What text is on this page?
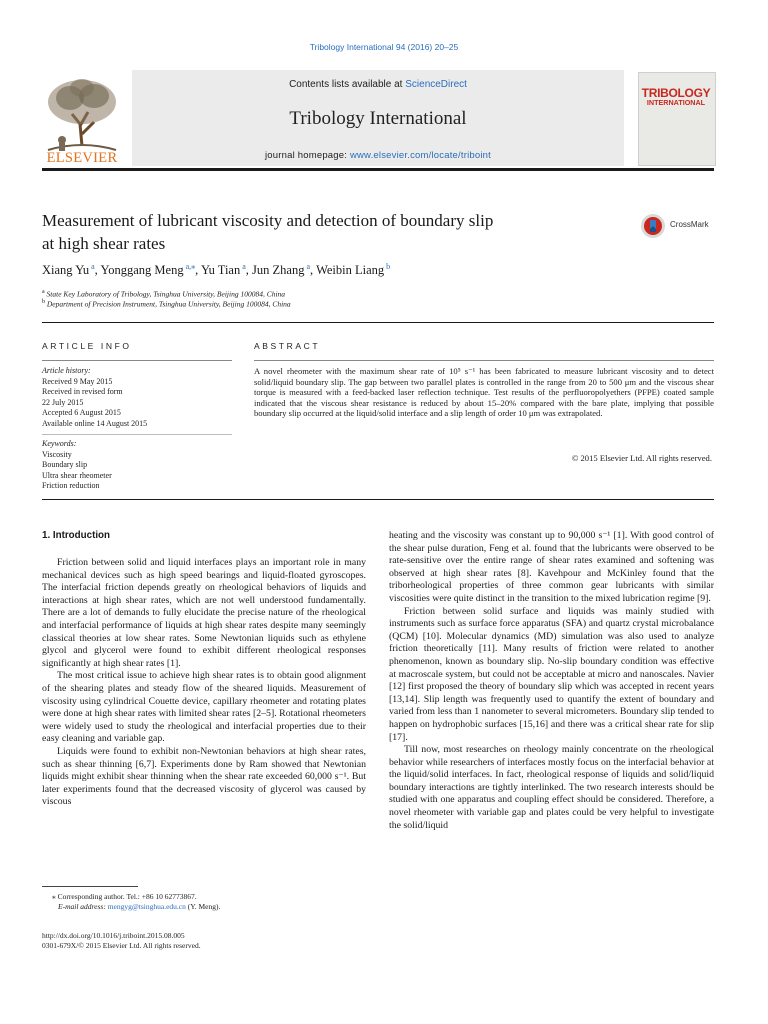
Tribology International 94 (2016) 20–25
Contents lists available at ScienceDirect
Tribology International
journal homepage: www.elsevier.com/locate/triboint
ELSEVIER
TRIBOLOGY
INTERNATIONAL
Measurement of lubricant viscosity and detection of boundary slip
at high shear rates
CrossMark
Xiang Yu $^a$, Yonggang Meng $^{a,⁎}$, Yu Tian $^a$, Jun Zhang $^a$, Weibin Liang $^b$
$^a$ State Key Laboratory of Tribology, Tsinghua University, Beijing 100084, China
$^b$ Department of Precision Instrument, Tsinghua University, Beijing 100084, China
ARTICLE INFO
Article history:
Received 9 May 2015
Received in revised form
22 July 2015
Accepted 6 August 2015
Available online 14 August 2015
Keywords:
Viscosity
Boundary slip
Ultra shear rheometer
Friction reduction
ABSTRACT
A novel rheometer with the maximum shear rate of 10⁵ s⁻¹ has been fabricated to measure lubricant viscosity and to detect solid/liquid boundary slip. The gap between two parallel plates is controlled in the range from 20 to 500 μm and the viscous shear torque is measured with a feed-backed laser reflection technique. Test results of the perfluoropolyethers (PFPE) coated sample indicated that the viscous shear resistance is reduced by about 15–20% compared with the bare plate, implying that possible boundary slip occurred at the liquid/solid interface and a slip length of order 10 μm was extrapolated.
© 2015 Elsevier Ltd. All rights reserved.
1. Introduction

Friction between solid and liquid interfaces plays an important role in many mechanical devices such as high speed bearings and liquid-floated gyroscopes. The interfacial friction depends greatly on rheological behaviors of liquids and interactions at high shear rates, which are not well understood fundamentally. There are a lot of demands to fully elucidate the precise nature of the rheological and interfacial performance of liquids at high shear rates despite many seemingly classical theories at low shear rates. Some Newtonian liquids such as ethylene glycol and glycerol were found to exhibit different rheological responses significantly at high shear rates [1].

The most critical issue to achieve high shear rates is to obtain good alignment of the shearing plates and steady flow of the sheared liquids. Measurement of viscosity using cylindrical Couette device, capillary rheometer and rotating plates were done at high shear rates with limited shear rates [2–5]. Rotational rheometers were widely used to study the rheological and interfacial properties due to their easy cleaning and variable gap.

Liquids were found to exhibit non-Newtonian behaviors at high shear rates, such as shear thinning [6,7]. Experiments done by Ram showed that Newtonian liquids might exhibit shear thinning when the shear rate exceeded 60,000 s⁻¹. But later experiments found that the decreased viscosity of glycerol was caused by viscous

heating and the viscosity was constant up to 90,000 s⁻¹ [1]. With good control of the shear pulse duration, Feng et al. found that the lubricants were observed to be rate-sensitive over the entire range of shear rates examined and softening was observed at high shear rates [8]. Kavehpour and McKinley found that the triborheological properties of three common gear lubricants with similar viscosities were quite distinct in the transition to the mixed lubrication regime [9].

Friction between solid surface and liquids was mainly studied with instruments such as surface force apparatus (SFA) and quartz crystal microbalance (QCM) [10]. Molecular dynamics (MD) simulation was also used to analyze friction theoretically [11]. Many results of friction were related to another phenomenon, known as boundary slip. No-slip boundary condition was effective at macroscale system, but could not be acceptable at micro and nanoscales. Navier [12] first proposed the theory of boundary slip which was accepted in recent years [13,14]. Slip length was frequently used to quantify the extent of boundary and varied from less than 1 nanometer to several micrometers. Boundary slip tended to happen on hydrophobic surfaces [15,16] and there was a critical shear rate for slip [17].

Till now, most researches on rheology mainly concentrate on the rheological behavior while researchers of interfaces mostly focus on the interfacial behavior at the liquid/solid interfaces. In fact, rheological response of liquids and solid/liquid boundary interactions are tightly interlinked. The two research interests should be studied with one apparatus and coupling effect should be considered. Therefore, a novel rheometer with variable gap and plates could be very helpful to investigate the solid/liquid

⁎ Corresponding author. Tel.: +86 10 62773867.
E-mail address: mengyg@tsinghua.edu.cn (Y. Meng).
http://dx.doi.org/10.1016/j.triboint.2015.08.005
0301-679X/© 2015 Elsevier Ltd. All rights reserved.
